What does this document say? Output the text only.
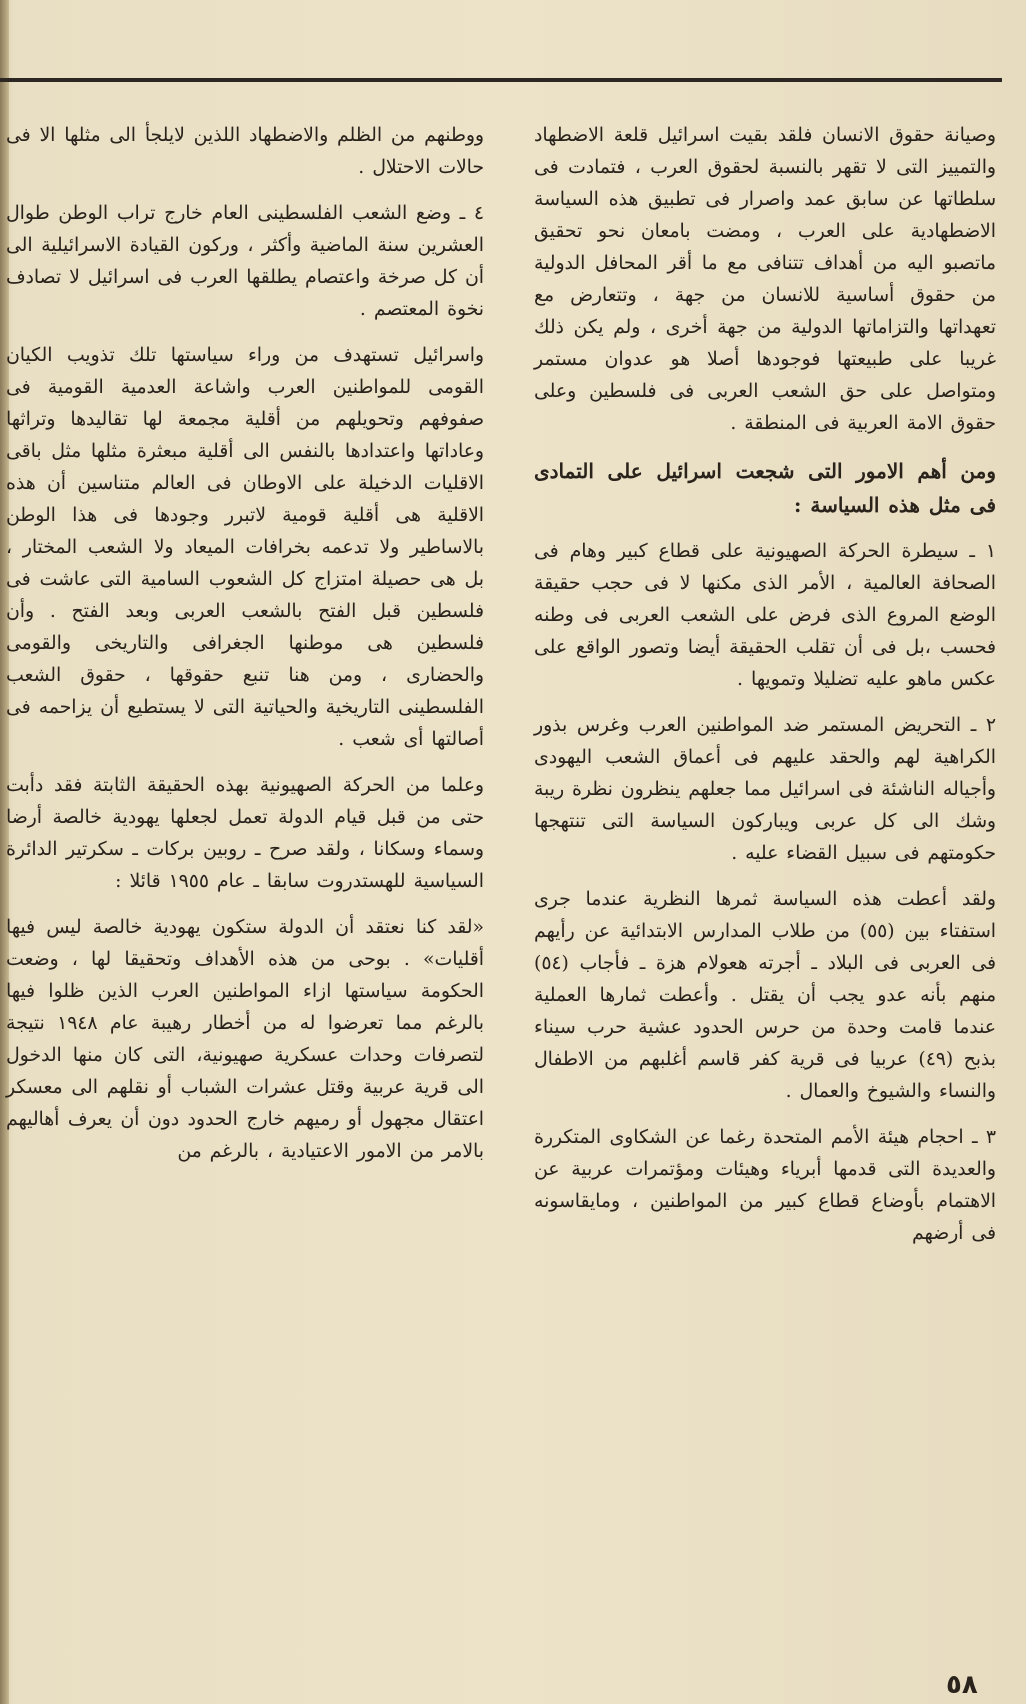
وصيانة حقوق الانسان فلقد بقيت اسرائيل قلعة الاضطهاد والتمييز التى لا تقهر بالنسبة لحقوق العرب ، فتمادت فى سلطاتها عن سابق عمد واصرار فى تطبيق هذه السياسة الاضطهادية على العرب ، ومضت بامعان نحو تحقيق ماتصبو اليه من أهداف تتنافى مع ما أقر المحافل الدولية من حقوق أساسية للانسان من جهة ، وتتعارض مع تعهداتها والتزاماتها الدولية من جهة أخرى ، ولم يكن ذلك غريبا على طبيعتها فوجودها أصلا هو عدوان مستمر ومتواصل على حق الشعب العربى فى فلسطين وعلى حقوق الامة العربية فى المنطقة .

ومن أهم الامور التى شجعت اسرائيل على التمادى فى مثل هذه السياسة :

١ ـ سيطرة الحركة الصهيونية على قطاع كبير وهام فى الصحافة العالمية ، الأمر الذى مكنها لا فى حجب حقيقة الوضع المروع الذى فرض على الشعب العربى فى وطنه فحسب ،بل فى أن تقلب الحقيقة أيضا وتصور الواقع على عكس ماهو عليه تضليلا وتمويها .

٢ ـ التحريض المستمر ضد المواطنين العرب وغرس بذور الكراهية لهم والحقد عليهم فى أعماق الشعب اليهودى وأجياله الناشئة فى اسرائيل مما جعلهم ينظرون نظرة ريبة وشك الى كل عربى ويباركون السياسة التى تنتهجها حكومتهم فى سبيل القضاء عليه .

ولقد أعطت هذه السياسة ثمرها النظرية عندما جرى استفتاء بين (٥٥) من طلاب المدارس الابتدائية عن رأيهم فى العربى فى البلاد ـ أجرته هعولام هزة ـ فأجاب (٥٤) منهم بأنه عدو يجب أن يقتل . وأعطت ثمارها العملية عندما قامت وحدة من حرس الحدود عشية حرب سيناء بذبح (٤٩) عربيا فى قرية كفر قاسم أغلبهم من الاطفال والنساء والشيوخ والعمال .

٣ ـ احجام هيئة الأمم المتحدة رغما عن الشكاوى المتكررة والعديدة التى قدمها أبرياء وهيئات ومؤتمرات عربية عن الاهتمام بأوضاع قطاع كبير من المواطنين ، ومايقاسونه فى أرضهم

ووطنهم من الظلم والاضطهاد اللذين لايلجأ الى مثلها الا فى حالات الاحتلال .

٤ ـ وضع الشعب الفلسطينى العام خارج تراب الوطن طوال العشرين سنة الماضية وأكثر ، وركون القيادة الاسرائيلية الى أن كل صرخة واعتصام يطلقها العرب فى اسرائيل لا تصادف نخوة المعتصم .

واسرائيل تستهدف من وراء سياستها تلك تذويب الكيان القومى للمواطنين العرب واشاعة العدمية القومية فى صفوفهم وتحويلهم من أقلية مجمعة لها تقاليدها وتراثها وعاداتها واعتدادها بالنفس الى أقلية مبعثرة مثلها مثل باقى الاقليات الدخيلة على الاوطان فى العالم متناسين أن هذه الاقلية هى أقلية قومية لاتبرر وجودها فى هذا الوطن بالاساطير ولا تدعمه بخرافات الميعاد ولا الشعب المختار ، بل هى حصيلة امتزاج كل الشعوب السامية التى عاشت فى فلسطين قبل الفتح بالشعب العربى وبعد الفتح . وأن فلسطين هى موطنها الجغرافى والتاريخى والقومى والحضارى ، ومن هنا تنبع حقوقها ، حقوق الشعب الفلسطينى التاريخية والحياتية التى لا يستطيع أن يزاحمه فى أصالتها أى شعب .

وعلما من الحركة الصهيونية بهذه الحقيقة الثابتة فقد دأبت حتى من قبل قيام الدولة تعمل لجعلها يهودية خالصة أرضا وسماء وسكانا ، ولقد صرح ـ روبين بركات ـ سكرتير الدائرة السياسية للهستدروت سابقا ـ عام ١٩٥٥ قائلا :

«لقد كنا نعتقد أن الدولة ستكون يهودية خالصة ليس فيها أقليات» . بوحى من هذه الأهداف وتحقيقا لها ، وضعت الحكومة سياستها ازاء المواطنين العرب الذين ظلوا فيها بالرغم مما تعرضوا له من أخطار رهيبة عام ١٩٤٨ نتيجة لتصرفات وحدات عسكرية صهيونية، التى كان منها الدخول الى قرية عربية وقتل عشرات الشباب أو نقلهم الى معسكر اعتقال مجهول أو رميهم خارج الحدود دون أن يعرف أهاليهم بالامر من الامور الاعتيادية ، بالرغم من

٥٨
